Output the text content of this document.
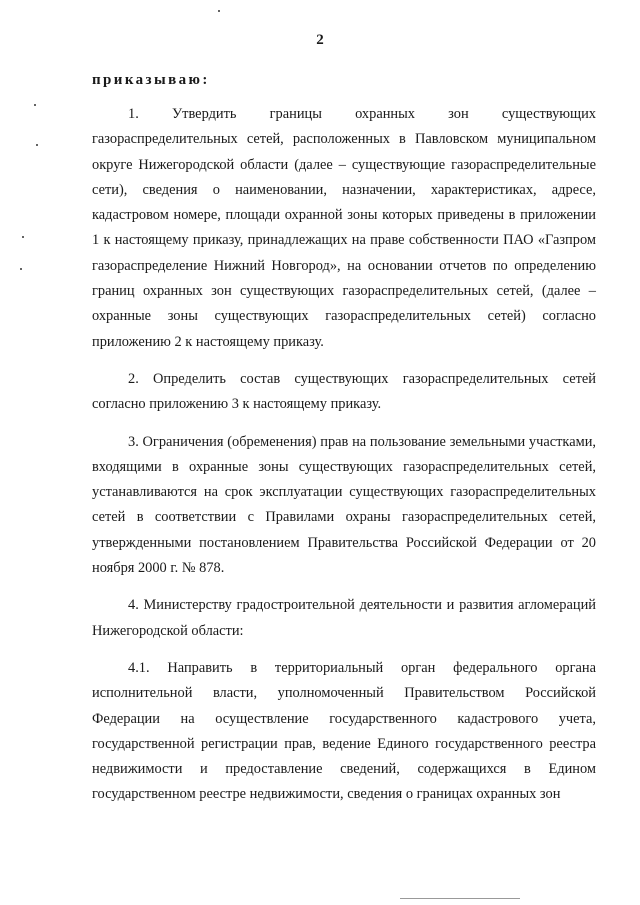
2
приказываю:

1. Утвердить границы охранных зон существующих газораспределительных сетей, расположенных в Павловском муниципальном округе Нижегородской области (далее – существующие газораспределительные сети), сведения о наименовании, назначении, характеристиках, адресе, кадастровом номере, площади охранной зоны которых приведены в приложении 1 к настоящему приказу, принадлежащих на праве собственности ПАО «Газпром газораспределение Нижний Новгород», на основании отчетов по определению границ охранных зон существующих газораспределительных сетей, (далее – охранные зоны существующих газораспределительных сетей) согласно приложению 2 к настоящему приказу.

2. Определить состав существующих газораспределительных сетей согласно приложению 3 к настоящему приказу.

3. Ограничения (обременения) прав на пользование земельными участками, входящими в охранные зоны существующих газораспределительных сетей, устанавливаются на срок эксплуатации существующих газораспределительных сетей в соответствии с Правилами охраны газораспределительных сетей, утвержденными постановлением Правительства Российской Федерации от 20 ноября 2000 г. № 878.

4. Министерству градостроительной деятельности и развития агломераций Нижегородской области:

4.1. Направить в территориальный орган федерального органа исполнительной власти, уполномоченный Правительством Российской Федерации на осуществление государственного кадастрового учета, государственной регистрации прав, ведение Единого государственного реестра недвижимости и предоставление сведений, содержащихся в Едином государственном реестре недвижимости, сведения о границах охранных зон
